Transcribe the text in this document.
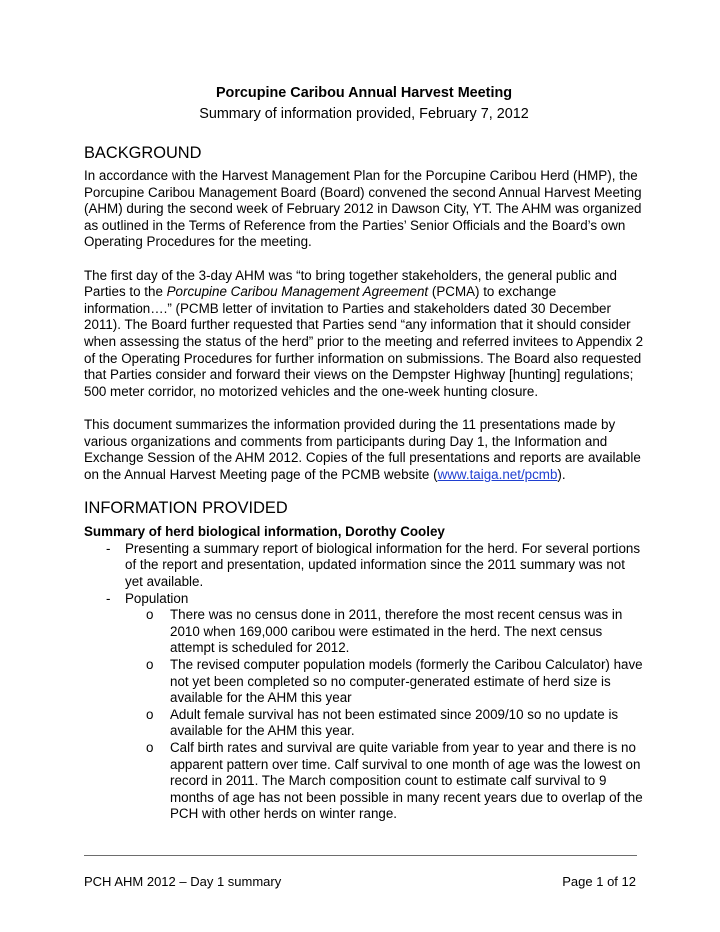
Porcupine Caribou Annual Harvest Meeting
Summary of information provided, February 7, 2012
BACKGROUND

In accordance with the Harvest Management Plan for the Porcupine Caribou Herd (HMP), the Porcupine Caribou Management Board (Board) convened the second Annual Harvest Meeting (AHM) during the second week of February 2012 in Dawson City, YT. The AHM was organized as outlined in the Terms of Reference from the Parties’ Senior Officials and the Board’s own Operating Procedures for the meeting.

The first day of the 3-day AHM was “to bring together stakeholders, the general public and Parties to the Porcupine Caribou Management Agreement (PCMA) to exchange information….” (PCMB letter of invitation to Parties and stakeholders dated 30 December 2011). The Board further requested that Parties send “any information that it should consider when assessing the status of the herd” prior to the meeting and referred invitees to Appendix 2 of the Operating Procedures for further information on submissions. The Board also requested that Parties consider and forward their views on the Dempster Highway [hunting] regulations; 500 meter corridor, no motorized vehicles and the one-week hunting closure.

This document summarizes the information provided during the 11 presentations made by various organizations and comments from participants during Day 1, the Information and Exchange Session of the AHM 2012. Copies of the full presentations and reports are available on the Annual Harvest Meeting page of the PCMB website (www.taiga.net/pcmb).

INFORMATION PROVIDED
Summary of herd biological information, Dorothy Cooley
- Presenting a summary report of biological information for the herd. For several portions of the report and presentation, updated information since the 2011 summary was not yet available.
- Population
o There was no census done in 2011, therefore the most recent census was in 2010 when 169,000 caribou were estimated in the herd. The next census attempt is scheduled for 2012.
o The revised computer population models (formerly the Caribou Calculator) have not yet been completed so no computer-generated estimate of herd size is available for the AHM this year
o Adult female survival has not been estimated since 2009/10 so no update is available for the AHM this year.
o Calf birth rates and survival are quite variable from year to year and there is no apparent pattern over time. Calf survival to one month of age was the lowest on record in 2011. The March composition count to estimate calf survival to 9 months of age has not been possible in many recent years due to overlap of the PCH with other herds on winter range.
PCH AHM 2012 – Day 1 summary	Page 1 of 12
